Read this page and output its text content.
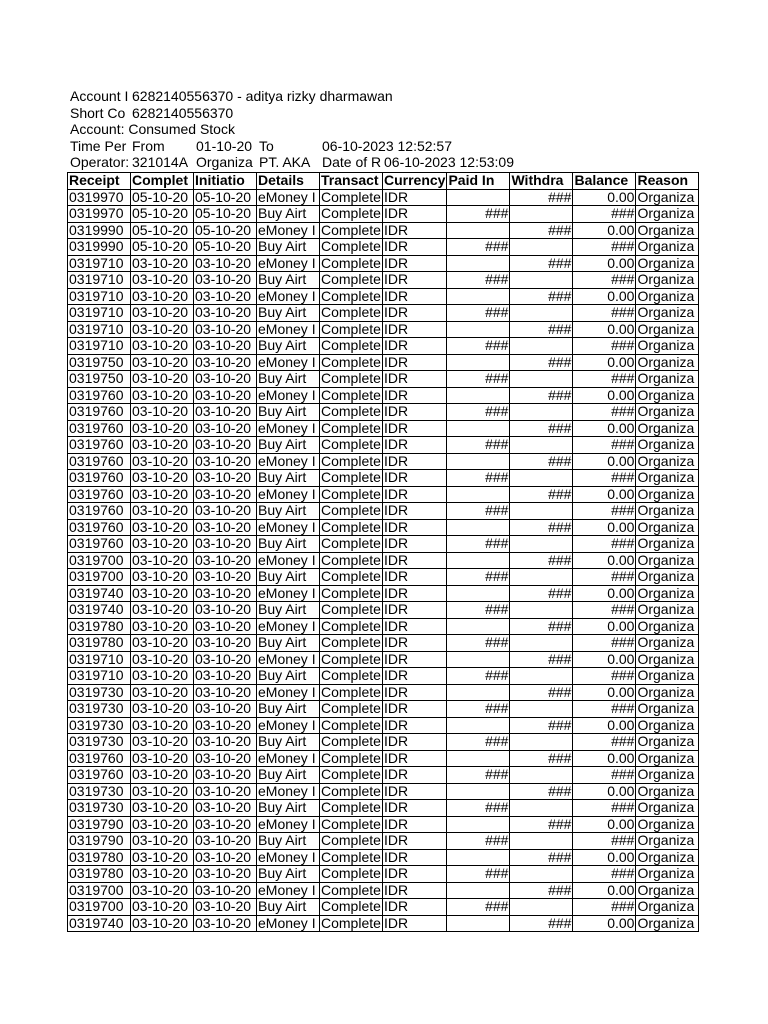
Account I 6282140556370 - aditya rizky dharmawan
Short Co 6282140556370
Account: Consumed Stock
Time Per From	01-10-20 To	06-10-2023 12:52:57
Operator: 321014A Organiza PT. AKA Date of R 06-10-2023 12:53:09
Receipt	Complet	Initiatio	Details	Transact	Currency	Paid In	Withdra	Balance	Reason
0319970	05-10-20	05-10-20	eMoney I	Complete	IDR		###	0.00	Organiza
0319970	05-10-20	05-10-20	Buy Airt	Complete	IDR	###		###	Organiza
0319990	05-10-20	05-10-20	eMoney I	Complete	IDR		###	0.00	Organiza
0319990	05-10-20	05-10-20	Buy Airt	Complete	IDR	###		###	Organiza
0319710	03-10-20	03-10-20	eMoney I	Complete	IDR		###	0.00	Organiza
0319710	03-10-20	03-10-20	Buy Airt	Complete	IDR	###		###	Organiza
0319710	03-10-20	03-10-20	eMoney I	Complete	IDR		###	0.00	Organiza
0319710	03-10-20	03-10-20	Buy Airt	Complete	IDR	###		###	Organiza
0319710	03-10-20	03-10-20	eMoney I	Complete	IDR		###	0.00	Organiza
0319710	03-10-20	03-10-20	Buy Airt	Complete	IDR	###		###	Organiza
0319750	03-10-20	03-10-20	eMoney I	Complete	IDR		###	0.00	Organiza
0319750	03-10-20	03-10-20	Buy Airt	Complete	IDR	###		###	Organiza
0319760	03-10-20	03-10-20	eMoney I	Complete	IDR		###	0.00	Organiza
0319760	03-10-20	03-10-20	Buy Airt	Complete	IDR	###		###	Organiza
0319760	03-10-20	03-10-20	eMoney I	Complete	IDR		###	0.00	Organiza
0319760	03-10-20	03-10-20	Buy Airt	Complete	IDR	###		###	Organiza
0319760	03-10-20	03-10-20	eMoney I	Complete	IDR		###	0.00	Organiza
0319760	03-10-20	03-10-20	Buy Airt	Complete	IDR	###		###	Organiza
0319760	03-10-20	03-10-20	eMoney I	Complete	IDR		###	0.00	Organiza
0319760	03-10-20	03-10-20	Buy Airt	Complete	IDR	###		###	Organiza
0319760	03-10-20	03-10-20	eMoney I	Complete	IDR		###	0.00	Organiza
0319760	03-10-20	03-10-20	Buy Airt	Complete	IDR	###		###	Organiza
0319700	03-10-20	03-10-20	eMoney I	Complete	IDR		###	0.00	Organiza
0319700	03-10-20	03-10-20	Buy Airt	Complete	IDR	###		###	Organiza
0319740	03-10-20	03-10-20	eMoney I	Complete	IDR		###	0.00	Organiza
0319740	03-10-20	03-10-20	Buy Airt	Complete	IDR	###		###	Organiza
0319780	03-10-20	03-10-20	eMoney I	Complete	IDR		###	0.00	Organiza
0319780	03-10-20	03-10-20	Buy Airt	Complete	IDR	###		###	Organiza
0319710	03-10-20	03-10-20	eMoney I	Complete	IDR		###	0.00	Organiza
0319710	03-10-20	03-10-20	Buy Airt	Complete	IDR	###		###	Organiza
0319730	03-10-20	03-10-20	eMoney I	Complete	IDR		###	0.00	Organiza
0319730	03-10-20	03-10-20	Buy Airt	Complete	IDR	###		###	Organiza
0319730	03-10-20	03-10-20	eMoney I	Complete	IDR		###	0.00	Organiza
0319730	03-10-20	03-10-20	Buy Airt	Complete	IDR	###		###	Organiza
0319760	03-10-20	03-10-20	eMoney I	Complete	IDR		###	0.00	Organiza
0319760	03-10-20	03-10-20	Buy Airt	Complete	IDR	###		###	Organiza
0319730	03-10-20	03-10-20	eMoney I	Complete	IDR		###	0.00	Organiza
0319730	03-10-20	03-10-20	Buy Airt	Complete	IDR	###		###	Organiza
0319790	03-10-20	03-10-20	eMoney I	Complete	IDR		###	0.00	Organiza
0319790	03-10-20	03-10-20	Buy Airt	Complete	IDR	###		###	Organiza
0319780	03-10-20	03-10-20	eMoney I	Complete	IDR		###	0.00	Organiza
0319780	03-10-20	03-10-20	Buy Airt	Complete	IDR	###		###	Organiza
0319700	03-10-20	03-10-20	eMoney I	Complete	IDR		###	0.00	Organiza
0319700	03-10-20	03-10-20	Buy Airt	Complete	IDR	###		###	Organiza
0319740	03-10-20	03-10-20	eMoney I	Complete	IDR		###	0.00	Organiza
